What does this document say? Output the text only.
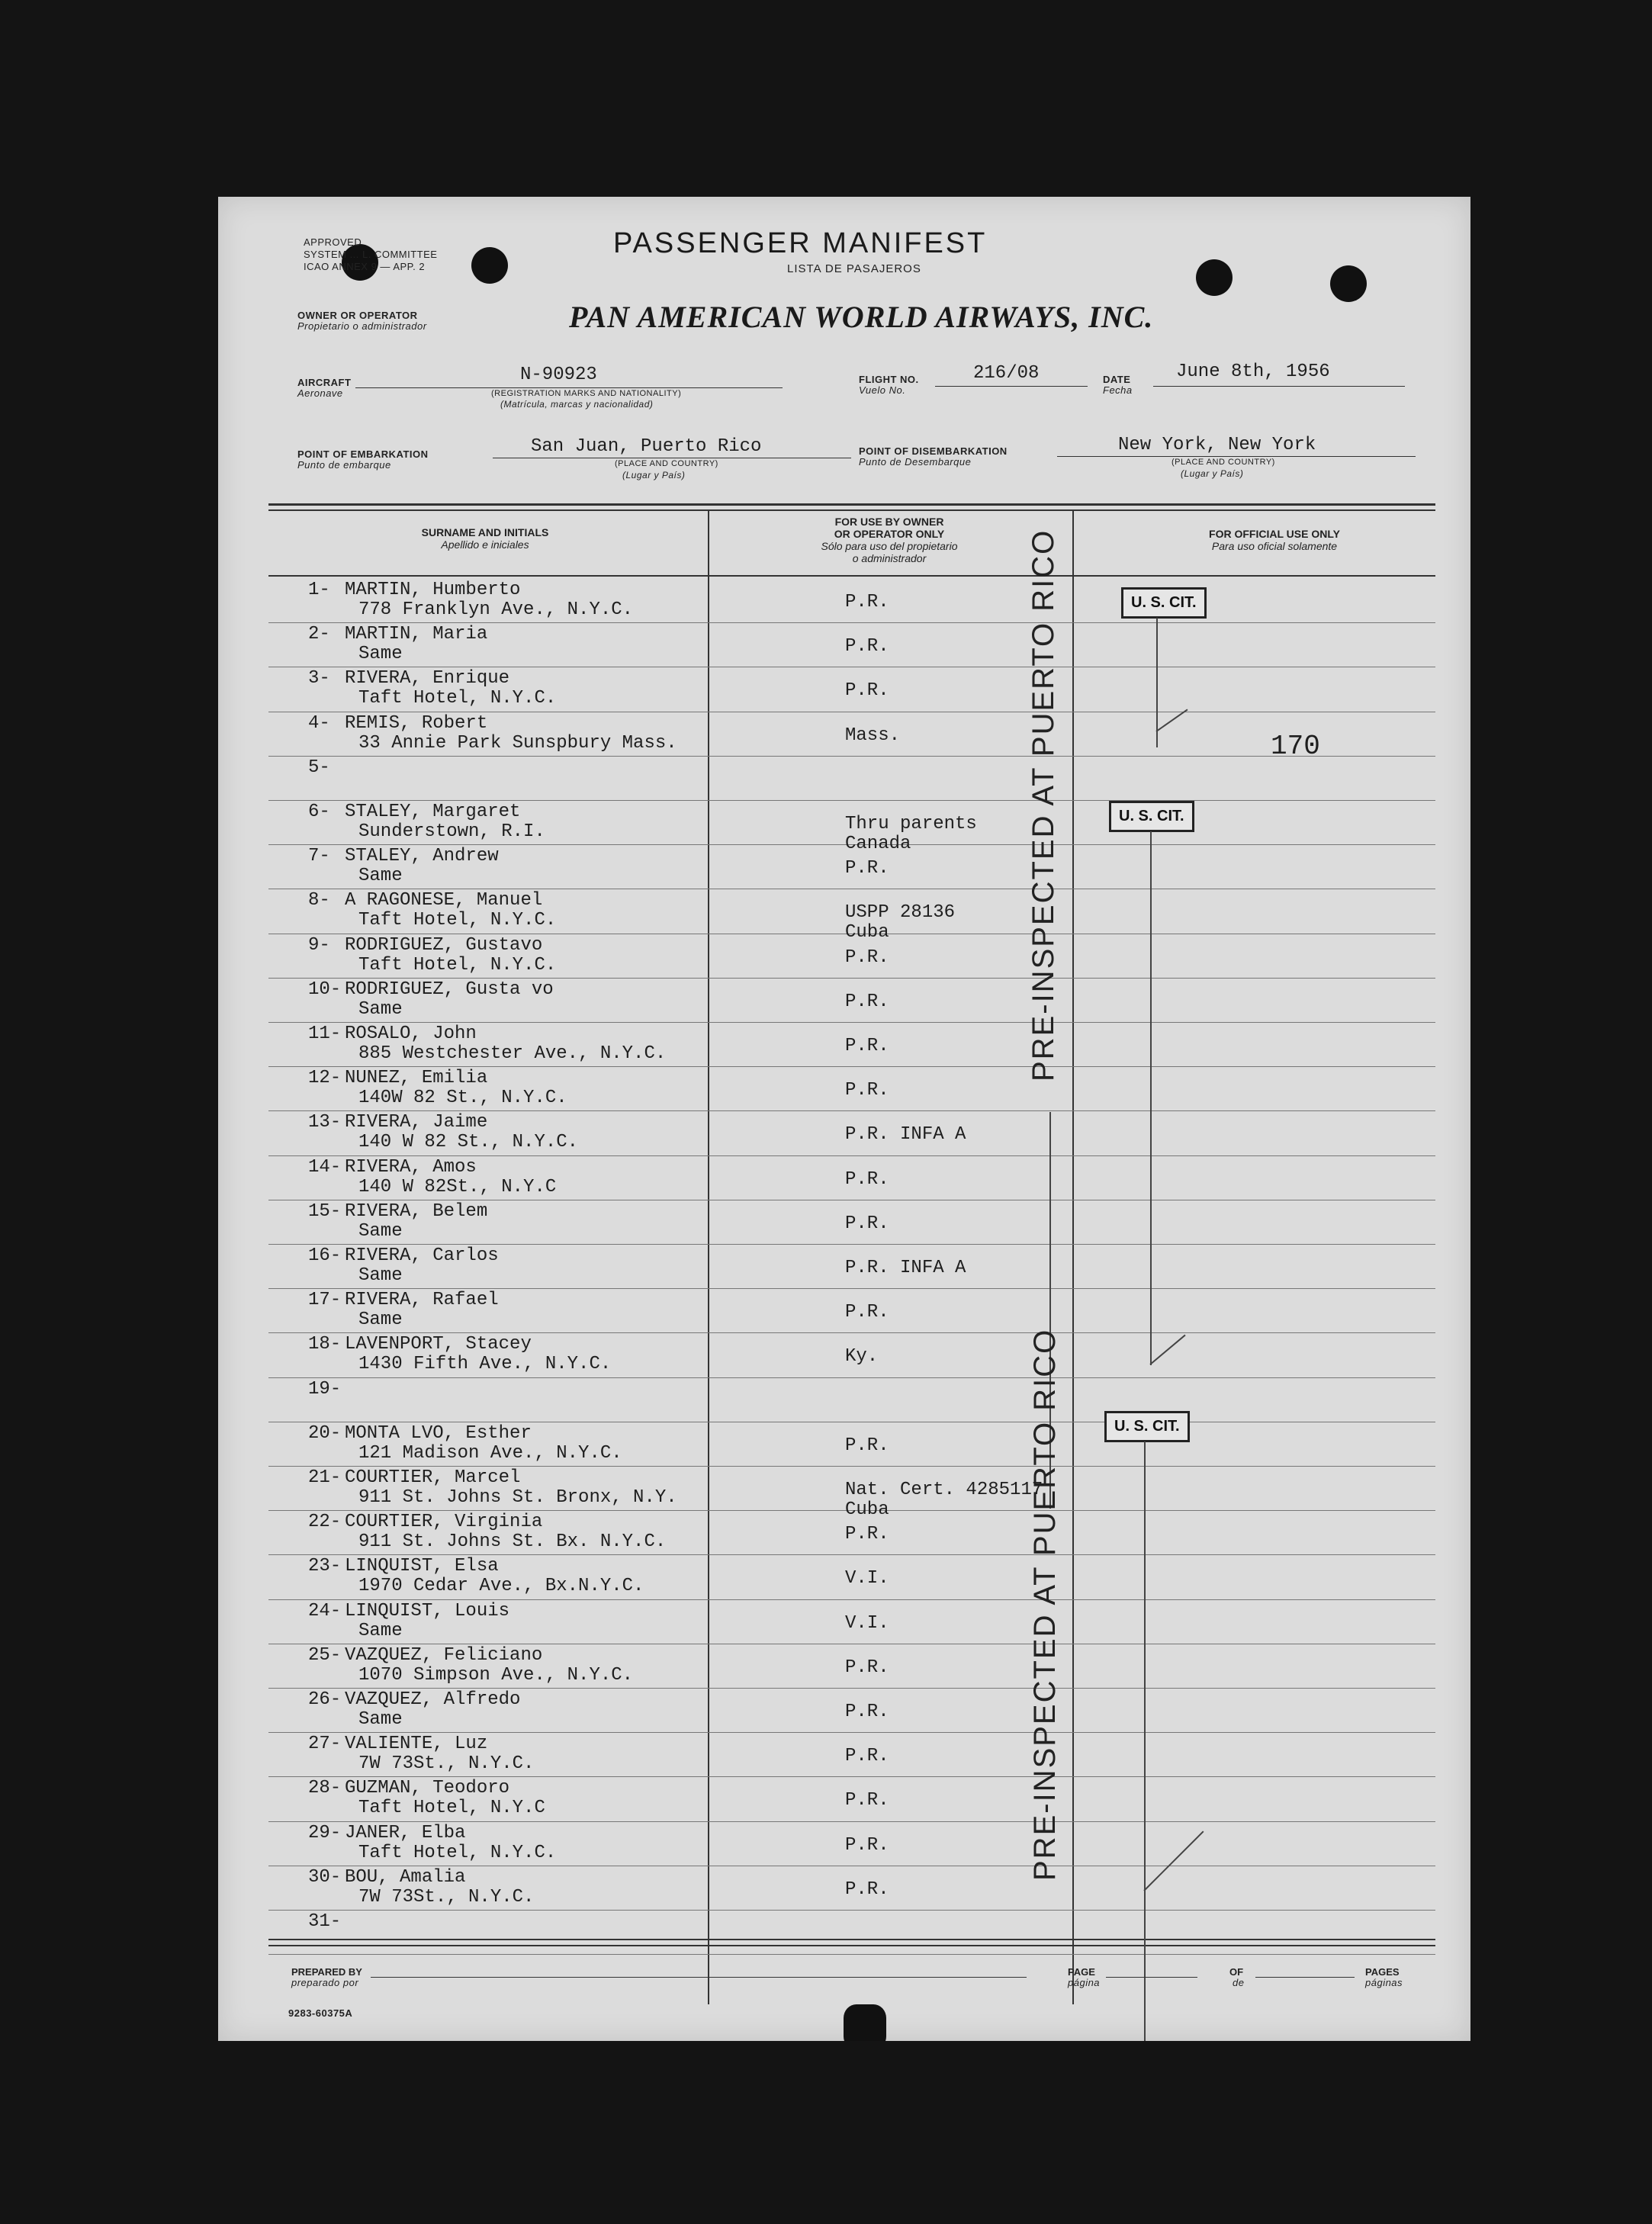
APPROVED
SYSTEM ... L. COMMITTEE
ICAO ANNEX 9 — APP. 2
PASSENGER MANIFEST
LISTA DE PASAJEROS
OWNER OR OPERATOR
Propietario o administrador	PAN AMERICAN WORLD AIRWAYS, INC.
AIRCRAFT
Aeronave
N-90923
(REGISTRATION MARKS AND NATIONALITY)
(Matrícula, marcas y nacionalidad)
FLIGHT NO.
Vuelo No.
216/08	DATE
Fecha
June 8th, 1956
POINT OF EMBARKATION
Punto de embarque
San Juan, Puerto Rico
(PLACE AND COUNTRY)
(Lugar y País)
POINT OF DISEMBARKATION
Punto de Desembarque
New York, New York
(PLACE AND COUNTRY)
(Lugar y País)
SURNAME AND INITIALS
Apellido e iniciales
FOR USE BY OWNER
OR OPERATOR ONLY
Sólo para uso del propietario
o administrador
FOR OFFICIAL USE ONLY
Para uso oficial solamente
1- MARTIN, Humberto
778 Franklyn Ave., N.Y.C.	P.R.
2- MARTIN, Maria
Same	P.R.
3- RIVERA, Enrique
Taft Hotel, N.Y.C.	P.R.
4- REMIS, Robert
33 Annie Park Sunspbury Mass.	Mass.
5-
6- STALEY, Margaret
Sunderstown, R.I.	Thru parents
Canada
7- STALEY, Andrew
Same	P.R.
8- A RAGONESE, Manuel
Taft Hotel, N.Y.C.	USPP 28136
Cuba
9- RODRIGUEZ, Gustavo
Taft Hotel, N.Y.C.	P.R.
10- RODRIGUEZ, Gusta vo
Same	P.R.
11- ROSALO, John
885 Westchester Ave., N.Y.C.	P.R.
12- NUNEZ, Emilia
140W 82 St., N.Y.C.	P.R.
13- RIVERA, Jaime
140 W 82 St., N.Y.C.	P.R. INFA A
14- RIVERA, Amos
140 W 82St., N.Y.C	P.R.
15- RIVERA, Belem
Same	P.R.
16- RIVERA, Carlos
Same	P.R. INFA A
17- RIVERA, Rafael
Same	P.R.
18- LAVENPORT, Stacey
1430 Fifth Ave., N.Y.C.	Ky.
19-
20- MONTA LVO, Esther
121 Madison Ave., N.Y.C.	P.R.
21- COURTIER, Marcel
911 St. Johns St. Bronx, N.Y.	Nat. Cert. 4285117
Cuba
22- COURTIER, Virginia
911 St. Johns St. Bx. N.Y.C.	P.R.
23- LINQUIST, Elsa
1970 Cedar Ave., Bx.N.Y.C.	V.I.
24- LINQUIST, Louis
Same	V.I.
25- VAZQUEZ, Feliciano
1070 Simpson Ave., N.Y.C.	P.R.
26- VAZQUEZ, Alfredo
Same	P.R.
27- VALIENTE, Luz
7W 73St., N.Y.C.	P.R.
28- GUZMAN, Teodoro
Taft Hotel, N.Y.C	P.R.
29- JANER, Elba
Taft Hotel, N.Y.C.	P.R.
30- BOU, Amalia
7W 73St., N.Y.C.	P.R.
31-
U. S. CIT.
U. S. CIT.
U. S. CIT.
170
PRE-INSPECTED AT PUERTO RICO
PRE-INSPECTED AT PUERTO RICO
PREPARED BY
preparado por
PAGE
página
OF
de
PAGES
páginas
9283-60375A
